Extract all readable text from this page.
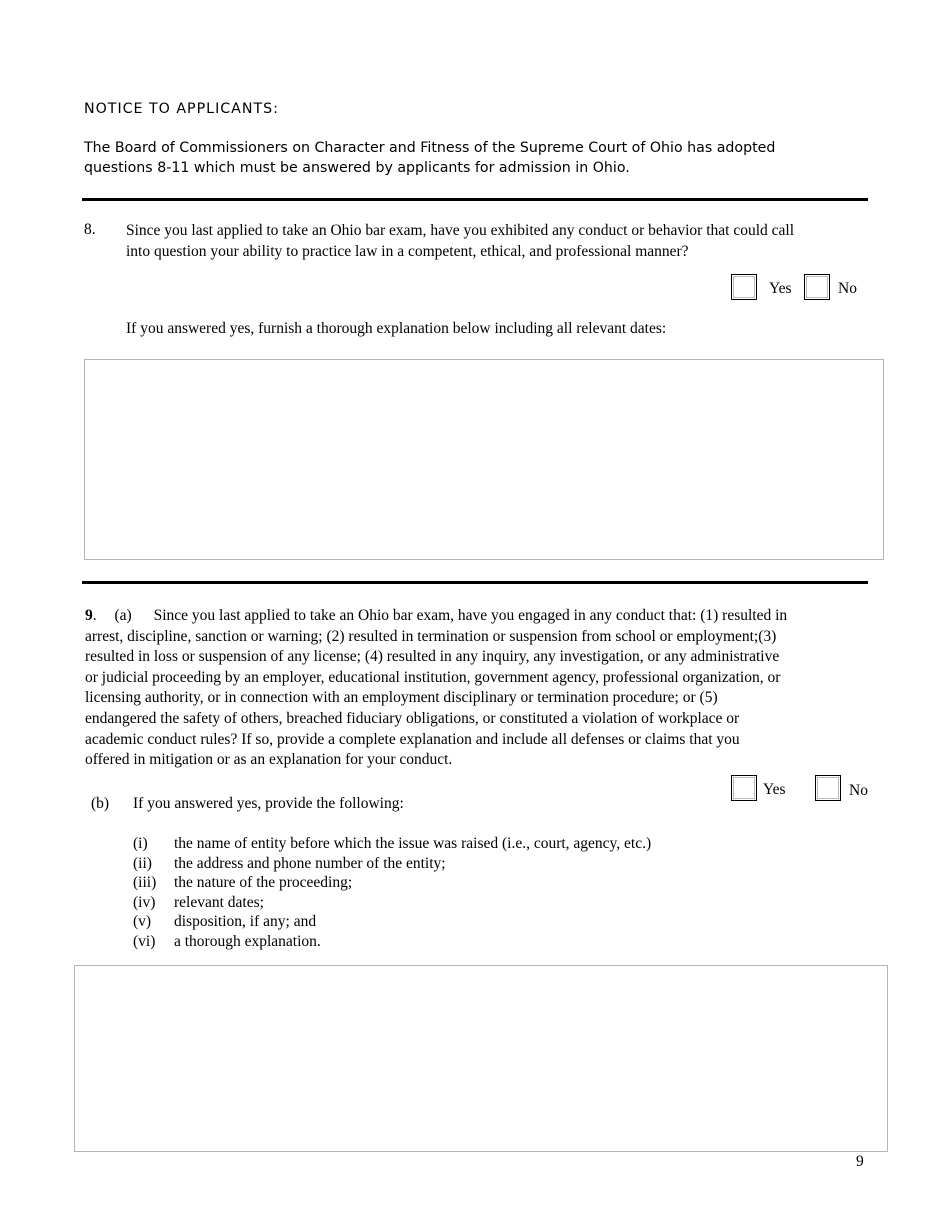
NOTICE TO APPLICANTS:
The Board of Commissioners on Character and Fitness of the Supreme Court of Ohio has adopted
questions 8-11 which must be answered by applicants for admission in Ohio.
8. Since you last applied to take an Ohio bar exam, have you exhibited any conduct or behavior that could call
into question your ability to practice law in a competent, ethical, and professional manner?
Yes	No
If you answered yes, furnish a thorough explanation below including all relevant dates:
9. (a) Since you last applied to take an Ohio bar exam, have you engaged in any conduct that: (1) resulted in
arrest, discipline, sanction or warning; (2) resulted in termination or suspension from school or employment;(3)
resulted in loss or suspension of any license; (4) resulted in any inquiry, any investigation, or any administrative
or judicial proceeding by an employer, educational institution, government agency, professional organization, or
licensing authority, or in connection with an employment disciplinary or termination procedure; or (5)
endangered the safety of others, breached fiduciary obligations, or constituted a violation of workplace or
academic conduct rules? If so, provide a complete explanation and include all defenses or claims that you
offered in mitigation or as an explanation for your conduct.
Yes	No
(b) If you answered yes, provide the following:
(i)	the name of entity before which the issue was raised (i.e., court, agency, etc.)
(ii)	the address and phone number of the entity;
(iii)	the nature of the proceeding;
(iv)	relevant dates;
(v)	disposition, if any; and
(vi)	a thorough explanation.
9
